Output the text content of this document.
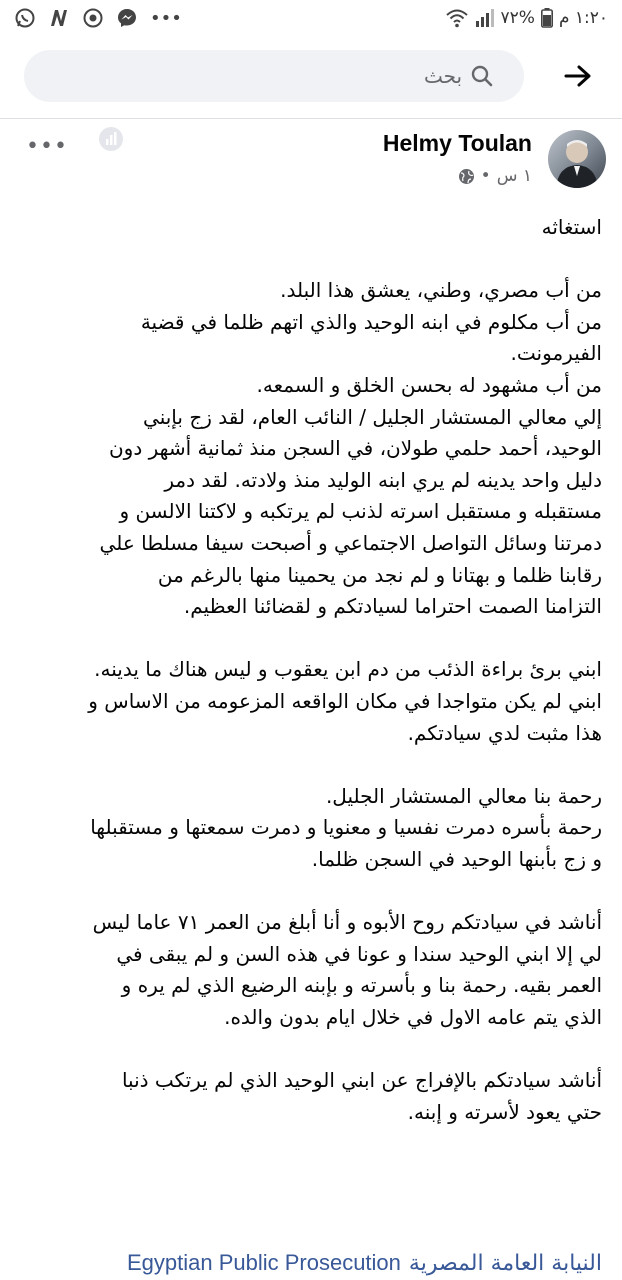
•••	١:٢٠ م
%٧٢
بحث
Helmy Toulan
١ س
•
•••

استغاثه

من أب مصري، وطني، يعشق هذا البلد.

من أب مكلوم في ابنه الوحيد والذي اتهم ظلما في قضية

الفيرمونت.

من أب مشهود له بحسن الخلق و السمعه.

إلي معالي المستشار الجليل / النائب العام، لقد زج بإبني

الوحيد، أحمد حلمي طولان، في السجن منذ ثمانية أشهر دون

دليل واحد يدينه لم يري ابنه الوليد منذ ولادته. لقد دمر

مستقبله و مستقبل اسرته لذنب لم يرتكبه و لاكتنا الالسن و

دمرتنا وسائل التواصل الاجتماعي و أصبحت سيفا مسلطا علي

رقابنا ظلما و بهتانا و لم نجد من يحمينا منها بالرغم من

التزامنا الصمت احتراما لسيادتكم و لقضائنا العظيم.

ابني برئ براءة الذئب من دم ابن يعقوب و ليس هناك ما يدينه.

ابني لم يكن متواجدا في مكان الواقعه المزعومه من الاساس و

هذا مثبت لدي سيادتكم.

رحمة بنا معالي المستشار الجليل.

رحمة بأسره دمرت نفسيا و معنويا و دمرت سمعتها و مستقبلها

و زج بأبنها الوحيد في السجن ظلما.

أناشد في سيادتكم روح الأبوه و أنا أبلغ من العمر ٧١ عاما ليس

لي إلا ابني الوحيد سندا و عونا في هذه السن و لم يبقى في

العمر بقيه. رحمة بنا و بأسرته و بإبنه الرضيع الذي لم يره و

الذي يتم عامه الاول في خلال ايام بدون والده.

أناشد سيادتكم بالإفراج عن ابني الوحيد الذي لم يرتكب ذنبا

حتي يعود لأسرته و إبنه.

النيابة العامة المصرية
Egyptian Public Prosecution
